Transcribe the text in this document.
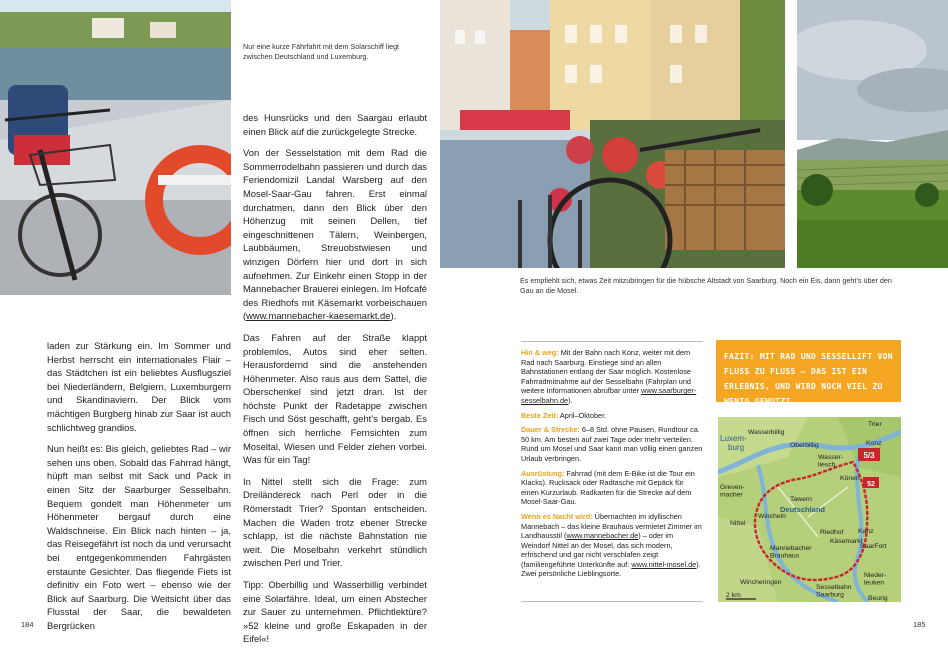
Nur eine kurze Fährfahrt mit dem Solarschiff liegt zwischen Deutschland und Luxemburg.
Es empfiehlt sich, etwas Zeit mitzubringen für die hübsche Altstadt von Saarburg. Noch ein Eis, dann geht’s über den Gau an die Mosel.

laden zur Stärkung ein. Im Sommer und Herbst herrscht ein internationales Flair – das Städtchen ist ein beliebtes Ausflugsziel bei Niederländern, Belgiern, Luxemburgern und Skandinaviern. Der Blick vom mächtigen Burgberg hinab zur Saar ist auch schlichtweg grandios.

Nun heißt es: Bis gleich, geliebtes Rad – wir sehen uns oben. Sobald das Fahrrad hängt, hüpft man selbst mit Sack und Pack in einen Sitz der Saarburger Sesselbahn. Bequem gondelt man Höhenmeter um Höhenmeter bergauf durch eine Waldschneise. Ein Blick nach hinten – ja, das Reisegefährt ist noch da und verursacht bei entgegenkommenden Fahrgästen erstaunte Gesichter. Das fliegende Fiets ist definitiv ein Foto wert – ebenso wie der Blick auf Saarburg. Die Weitsicht über das Flusstal der Saar, die bewaldeten Bergrücken

des Hunsrücks und den Saargau erlaubt einen Blick auf die zurückgelegte Strecke.

Von der Sesselstation mit dem Rad die Sommerrodelbahn passieren und durch das Feriendomizil Landal Warsberg auf den Mosel-Saar-Gau fahren. Erst einmal durchatmen, dann den Blick über den Höhenzug mit seinen Dellen, tief eingeschnittenen Tälern, Weinbergen, Laubbäumen, Streuobstwiesen und winzigen Dörfern hier und dort in sich aufnehmen. Zur Einkehr einen Stopp in der Mannebacher Brauerei einlegen. Im Hofcafé des Riedhofs mit Käsemarkt vorbeischauen (www.mannebacher-kaesemarkt.de).

Das Fahren auf der Straße klappt problemlos, Autos sind eher selten. Herausfordernd sind die anstehenden Höhenmeter. Also raus aus dem Sattel, die Oberschenkel sind jetzt dran. Ist der höchste Punkt der Radetappe zwischen Fisch und Söst geschafft, geht’s bergab. Es öffnen sich herrliche Fernsichten zum Moseltal, Wiesen und Felder ziehen vorbei. Was für ein Tag!

In Nittel stellt sich die Frage: zum Dreiländereck nach Perl oder in die Römerstadt Trier? Spontan entscheiden. Machen die Waden trotz ebener Strecke schlapp, ist die nächste Bahnstation nie weit. Die Moselbahn verkehrt stündlich zwischen Perl und Trier.

Tipp: Oberbillig und Wasserbillig verbindet eine Solarfähre. Ideal, um einen Abstecher zur Sauer zu unternehmen. Pflichtlektüre? »52 kleine und große Eskapaden in der Eifel«!

Hin & weg: Mit der Bahn nach Konz, weiter mit dem Rad nach Saarburg. Einstiege sind an allen Bahnstationen entlang der Saar möglich. Kostenlose Fahrradmitnahme auf der Sesselbahn (Fahrplan und weitere Informationen abrufbar unter www.saarburger-sesselbahn.de).

Beste Zeit: April–Oktober.

Dauer & Strecke: 6–8 Std. ohne Pausen, Rundtour ca. 50 km. Am besten auf zwei Tage oder mehr verteilen. Rund um Mosel und Saar kann man völlig einen ganzen Urlaub verbringen.

Ausrüstung: Fahrrad (mit dem E-Bike ist die Tour ein Klacks). Rucksack oder Radtasche mit Gepäck für einen Kurzurlaub. Radkarten für die Strecke auf dem Mosel-Saar-Gau.

Wenn es Nacht wird: Übernachten im idyllischen Mannebach – das kleine Brauhaus vermietet Zimmer im Landhausstil (www.mannebacher.de) – oder im Weindorf Nittel an der Mosel, das sich modern, erfrischend und gar nicht verschlafen zeigt (familiengeführte Unterkünfte auf: www.nittel-mosel.de). Zwei persönliche Lieblingsorte.

FAZIT: MIT RAD UND SESSELLIFT VON FLUSS ZU FLUSS – DAS IST EIN ERLEBNIS, UND WIRD NOCH VIEL ZU WENIG GENUTZT.
5/3
52
Wasserbillig
Trier
Luxem-
burg	Oberbillig
Wasser-liesch
Konz
Könen
Tawern
Deutschland
Greven-macher
Wincheln
Nittel
Riedhof
Käsemarkt
Mannebacher Brauhaus
Kanz
SaarFort
Nieder-leuken
Wincheringen
Sesselbahn Saarburg	Beurig
2 km
184	185
